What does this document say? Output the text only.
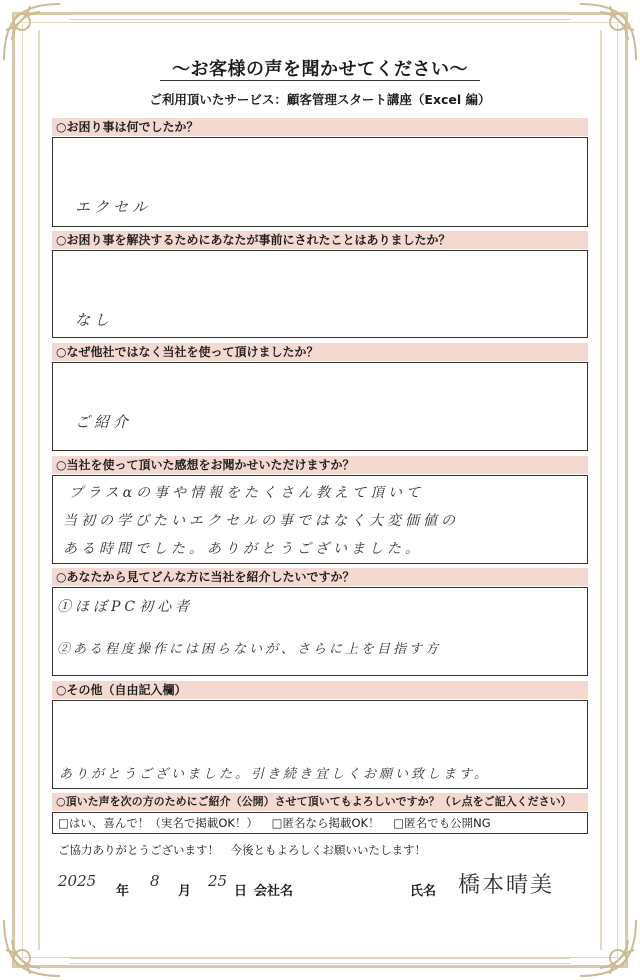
～お客様の声を聞かせてください～
ご利用頂いたサービス：顧客管理スタート講座（Excel 編）
○お困り事は何でしたか？
エクセル
○お困り事を解決するためにあなたが事前にされたことはありましたか？
なし
○なぜ他社ではなく当社を使って頂けましたか？
ご紹介
○当社を使って頂いた感想をお聞かせいただけますか？
プラスαの事や情報をたくさん教えて頂いて
当初の学びたいエクセルの事ではなく大変価値の
ある時間でした。ありがとうございました。
○あなたから見てどんな方に当社を紹介したいですか？
①ほぼPC初心者
②ある程度操作には困らないが、さらに上を目指す方
○その他（自由記入欄）
ありがとうございました。引き続き宜しくお願い致します。
○頂いた声を次の方のためにご紹介（公開）させて頂いてもよろしいですか？（レ点をご記入ください）
□はい、喜んで！（実名で掲載OK！） □匿名なら掲載OK！ □匿名でも公開NG
ご協力ありがとうございます！　今後ともよろしくお願いいたします！
2025
年
8
月
25
日 会社名	氏名 橋本晴美
